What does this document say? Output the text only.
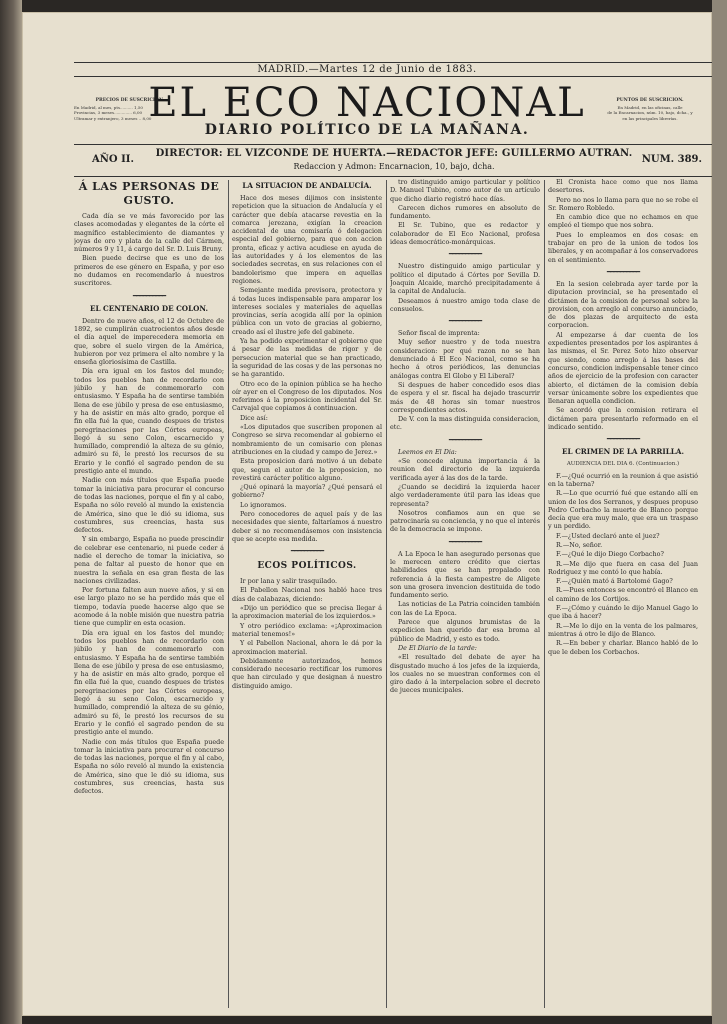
MADRID.—Martes 12 de Junio de 1883.
PRECIOS DE SUSCRICION.
En Madrid, al mes, pts.......... 1,50
Provincias, 3 meses.............. 6,00
Ultramar y extranjero, 3 meses .. 8,00
EL ECO NACIONAL
DIARIO POLÍTICO DE LA MAÑANA.
PUNTOS DE SUSCRICION.
En Madrid, en las oficinas, calle
de la Encarnacion, núm. 10, bajo, dcha., y
en las principales librerías.
AÑO II.
DIRECTOR: EL VIZCONDE DE HUERTA.—REDACTOR JEFE: GUILLERMO AUTRAN.
Redaccion y Admon: Encarnacion, 10, bajo, dcha.
NUM. 389.
Á LAS PERSONAS DE GUSTO.

Cada día se ve más favorecido por las clases acomodadas y elegantes de la córte el magnífico establecimiento de diamantes y joyas de oro y plata de la calle del Cármen, números 9 y 11, á cargo del Sr. D. Luis Bruny.

Bien puede decirse que es uno de los primeros de ese género en España, y por eso no dudamos en recomendarlo á nuestros suscritores.

━━━━━━━━━━
EL CENTENARIO DE COLON.

Dentro de nueve años, el 12 de Octubre de 1892, se cumplirán cuatrocientos años desde el día aquel de imperecedera memoria en que, sobre el suelo virgen de la América, hubieron por vez primera el alto nombre y la enseña gloriosísima de Castilla.

Día era igual en los fastos del mundo; todos los pueblos han de recordarlo con júbilo y han de conmemorarlo con entusiasmo. Y España ha de sentirse también llena de ese júbilo y presa de ese entusiasmo, y ha de asistir en más alto grado, porque el fin ella fué la que, cuando despues de tristes peregrinaciones por las Córtes europeas, llegó á su seno Colon, escarnecido y humillado, comprendió la alteza de su génio, admiró su fé, le prestó los recursos de su Erario y le confió el sagrado pendon de su prestigio ante el mundo.

Nadie con más títulos que España puede tomar la iniciativa para procurar el concurso de todas las naciones, porque el fin y al cabo, España no sólo reveló al mundo la existencia de América, sino que le dió su idioma, sus costumbres, sus creencias, hasta sus defectos.

Y sin embargo, España no puede prescindir de celebrar ese centenario, ni puede ceder á nadie el derecho de tomar la iniciativa, so pena de faltar al puesto de honor que en nuestra la señala en esa gran fiesta de las naciones civilizadas.

Por fortuna falten aun nueve años, y si en ese largo plazo no se ha perdido más que el tiempo, todavía puede hacerse algo que se acomode á la noble misión que nuestra patria tiene que cumplir en esta ocasion.

Día era igual en los fastos del mundo; todos los pueblos han de recordarlo con júbilo y han de conmemorarlo con entusiasmo. Y España ha de sentirse también llena de ese júbilo y presa de ese entusiasmo, y ha de asistir en más alto grado, porque el fin ella fué la que, cuando despues de tristes peregrinaciones por las Córtes europeas, llegó á su seno Colon, escarnecido y humillado, comprendió la alteza de su génio, admiró su fé, le prestó los recursos de su Erario y le confió el sagrado pendon de su prestigio ante el mundo.

Nadie con más títulos que España puede tomar la iniciativa para procurar el concurso de todas las naciones, porque el fin y al cabo, España no sólo reveló al mundo la existencia de América, sino que le dió su idioma, sus costumbres, sus creencias, hasta sus defectos.

LA SITUACION DE ANDALUCÍA.

Hace dos meses dijimos con insistente repeticion que la situacion de Andalucía y el carácter que debía atacarse revestia en la comarca jerezana, exigían la creacion accidental de una comisaría ó delegacion especial del gobierno, para que con accion pronta, eficaz y activa acudiese en ayuda de las autoridades y á los elementos de las sociedades secretas, en sus relaciones con el bandolerismo que impera en aquellas regiones.

Semejante medida previsora, protectora y á todas luces indispensable para amparar los intereses sociales y materiales de aquellas provincias, sería acogida allí por la opinion pública con un voto de gracias al gobierno, creado así el ilustre jefe del gabinete.

Ya ha podido experimentar el gobierno que á pesar de las medidas de rigor y de persecucion material que se han practicado, la seguridad de las cosas y de las personas no se ha garantido.

Otro eco de la opinion pública se ha hecho oír ayer en el Congreso de los diputados. Nos referimos á la proposicion incidental del Sr. Carvajal que copiamos á continuacion.

Dice así:

«Los diputados que suscriben proponen al Congreso se sirva recomendar al gobierno el nombramiento de un comisario con plenas atribuciones en la ciudad y campo de Jerez.»

Esta proposicion dará motivo á un debate que, segun el autor de la proposicion, no revestirá carácter político alguno.

¿Qué opinará la mayoría? ¿Qué pensará el gobierno?

Lo ignoramos.

Pero conocedores de aquel país y de las necesidades que siente, faltaríamos á nuestro deber si no recomendásemos con insistencia que se acepte esa medida.

━━━━━━━━━━
ECOS POLÍTICOS.

Ir por lana y salir trasquilado.

El Pabellon Nacional nos habló hace tres días de calabazas, diciendo:

«Dijo un periódico que se precisa llegar á la aproximacion material de los izquierdos.»

Y otro periódico exclama: «¡Aproximacion material tenemos!»

Y el Pabellon Nacional, ahora le dá por la aproximacion material.

Debidamente autorizados, hemos considerado necesario rectificar los rumores que han circulado y que designan á nuestro distinguido amigo.

tro distinguido amigo particular y político D. Manuel Tubino, como autor de un artículo que dicho diario registró hace días.

Carecen dichos rumores en absoluto de fundamento.

El Sr. Tubino, que es redactor y colaborador de El Eco Nacional, profesa ideas democrático-monárquicas.

━━━━━━━━━━

Nuestro distinguido amigo particular y político el diputado á Córtes por Sevilla D. Joaquin Alcaide, marchó precipitadamente á la capital de Andalucía.

Deseamos á nuestro amigo toda clase de consuelos.

━━━━━━━━━━

Señor fiscal de imprenta:

Muy señor nuestro y de toda nuestra consideracion: por qué razon no se han denunciado á El Eco Nacional, como se ha hecho á otros periódicos, las denuncias análogas contra El Globo y El Liberal?

Si despues de haber concedido esos dias de espera y el sr. fiscal ha dejado trascurrir más de 48 horas sin tomar nuestros correspondientes actos.

De V. con la mas distinguida consideracion, etc.

━━━━━━━━━━

Leemos en El Dia:

«Se concede alguna importancia á la reunion del directorio de la izquierda verificada ayer á las dos de la tarde.

¿Cuando se decidirá la izquierda hacer algo verdaderamente útil para las ideas que representa?

Nosotros confiamos aun en que se patrocinaría su conciencia, y no que el interés de la democracia se impone.

━━━━━━━━━━

A La Epoca le han asegurado personas que le merecen entero crédito que ciertas habilidades que se han propalado con referencia á la fiesta campestre de Aligete son una grosera invencion destituida de todo fundamento serio.

Las noticias de La Patria coinciden también con las de La Epoca.

Parece que algunos brumistas de la expedicion han querido dar esa broma al público de Madrid, y esto es todo.

De El Diario de la tarde:

«El resultado del debate de ayer ha disgustado mucho á los jefes de la izquierda, los cuales no se muestran conformes con el giro dado á la interpelacion sobre el decreto de jueces municipales.

El Cronista hace como que nos llama desertores.

Pero no nos lo llama para que no se robe el Sr. Romero Robledo.

En cambio dice que no echamos en que empleó el tiempo que nos sobra.

Pues lo empleamos en dos cosas: en trabajar en pro de la union de todos los liberales, y en acompañar á los conservadores en el sentimiento.

━━━━━━━━━━

En la sesion celebrada ayer tarde por la diputacion provincial, se ha presentado el dictámen de la comision de personal sobre la provision, con arreglo al concurso anunciado, de dos plazas de arquitecto de esta corporacion.

Al empezarse á dar cuenta de los expedientes presentados por los aspirantes á las mismas, el Sr. Perez Soto hizo observar que siendo, como arreglo á las bases del concurso, condicion indispensable tener cinco años de ejercicio de la profesion con caracter abierto, el dictámen de la comision debía versar únicamente sobre los expedientes que llenaran aquella condicion.

Se acordó que la comision retirara el dictámen para presentarlo reformado en el indicado sentido.

━━━━━━━━━━
EL CRIMEN DE LA PARRILLA.
AUDIENCIA DEL DIA 6. (Continuacion.)

F.—¿Qué ocurrió en la reunion á que asistió en la taberna?

R.—Lo que ocurrió fué que estando allí en union de los dos Serranos, y despues propuso Pedro Corbacho la muerte de Blanco porque decía que era muy malo, que era un traspaso y un perdido.

F.—¿Usted declaró ante el juez?

R.—No, señor.

F.—¿Qué le dijo Diego Corbacho?

R.—Me dijo que fuera en casa del Juan Rodriguez y me contó lo que había.

F.—¿Quién mató á Bartolomé Gago?

R.—Pues entonces se encontró el Blanco en el camino de los Cortijos.

F.—¿Cómo y cuándo le dijo Manuel Gago lo que iba á hacer?

R.—Me lo dijo en la venta de los palmares, mientras á otro le dijo de Blanco.

R.—En beber y charlar. Blanco habló de lo que le deben los Corbachos.
